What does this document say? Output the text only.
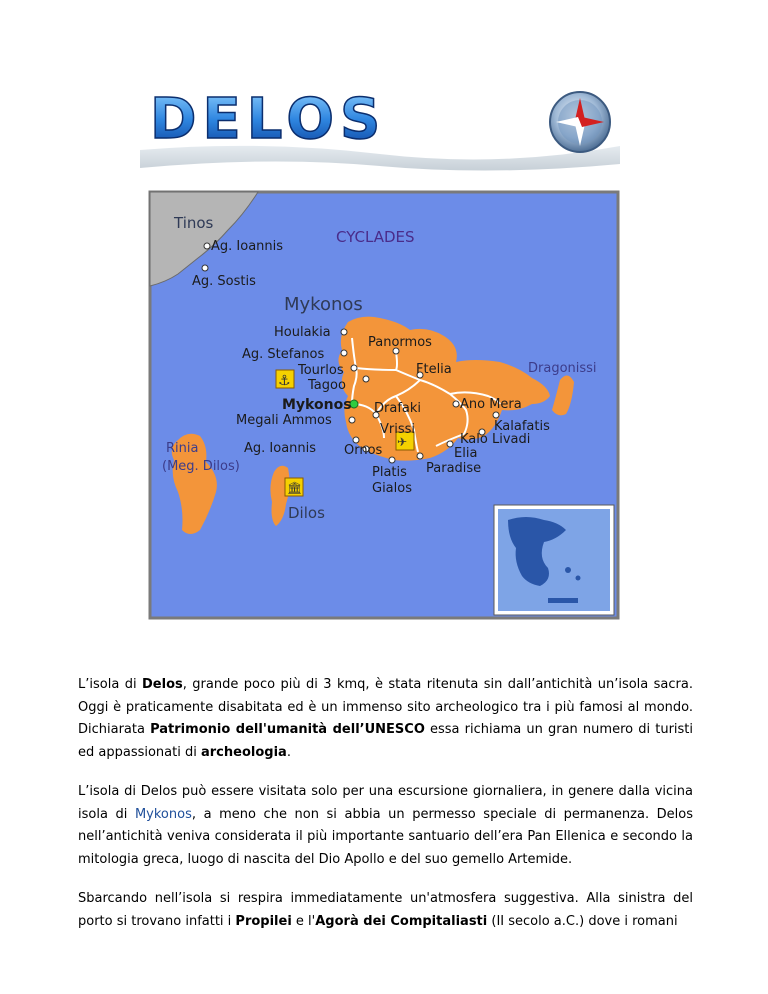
DELOS
⚓
✈
🏛
Tinos
CYCLADES
Ag. Ioannis
Ag. Sostis
Mykonos
Houlakia
Panormos
Ag. Stefanos
Tourlos	Ftelia	Dragonissi
Tagoo
Mykonos Drafaki	Ano Mera
Megali Ammos
Vrissi	Kalafatis
Kalo Livadi
Rinia	Ag. Ioannis Ornos	Elia
(Meg. Dilos)	Platis Paradise
Gialos
Dilos

L’isola di Delos, grande poco più di 3 kmq, è stata ritenuta sin dall’antichità un’isola sacra. Oggi è praticamente disabitata ed è un immenso sito archeologico tra i più famosi al mondo. Dichiarata Patrimonio dell'umanità dell’UNESCO essa richiama un gran numero di turisti ed appassionati di archeologia.

L’isola di Delos può essere visitata solo per una escursione giornaliera, in genere dalla vicina isola di Mykonos, a meno che non si abbia un permesso speciale di permanenza. Delos nell’antichità veniva considerata il più importante santuario dell’era Pan Ellenica e secondo la mitologia greca, luogo di nascita del Dio Apollo e del suo gemello Artemide.

Sbarcando nell’isola si respira immediatamente un'atmosfera suggestiva. Alla sinistra del porto si trovano infatti i Propilei e l'Agorà dei Compitaliasti (II secolo a.C.) dove i romani
